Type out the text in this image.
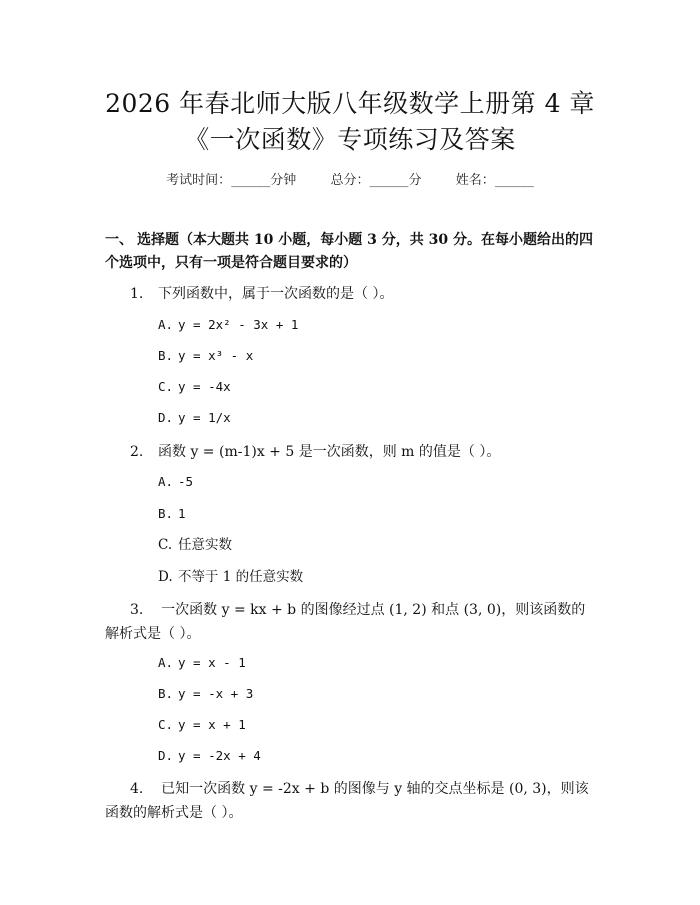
2026 年春北师大版八年级数学上册第 4 章
《一次函数》专项练习及答案
考试时间：______分钟	总分：______分	姓名：______
一、 选择题（本大题共 10 小题，每小题 3 分，共 30 分。在每小题给出的四个选项中，只有一项是符合题目要求的）
1. 下列函数中，属于一次函数的是（ ）。
A. y = 2x² - 3x + 1
B. y = x³ - x
C. y = -4x
D. y = 1/x
2. 函数 y = (m-1)x + 5 是一次函数，则 m 的值是（ ）。
A. -5
B. 1
C. 任意实数
D. 不等于 1 的任意实数
3. 一次函数 y = kx + b 的图像经过点 (1, 2) 和点 (3, 0)，则该函数的解析式是（ ）。
A. y = x - 1
B. y = -x + 3
C. y = x + 1
D. y = -2x + 4
4. 已知一次函数 y = -2x + b 的图像与 y 轴的交点坐标是 (0, 3)，则该函数的解析式是（ ）。
